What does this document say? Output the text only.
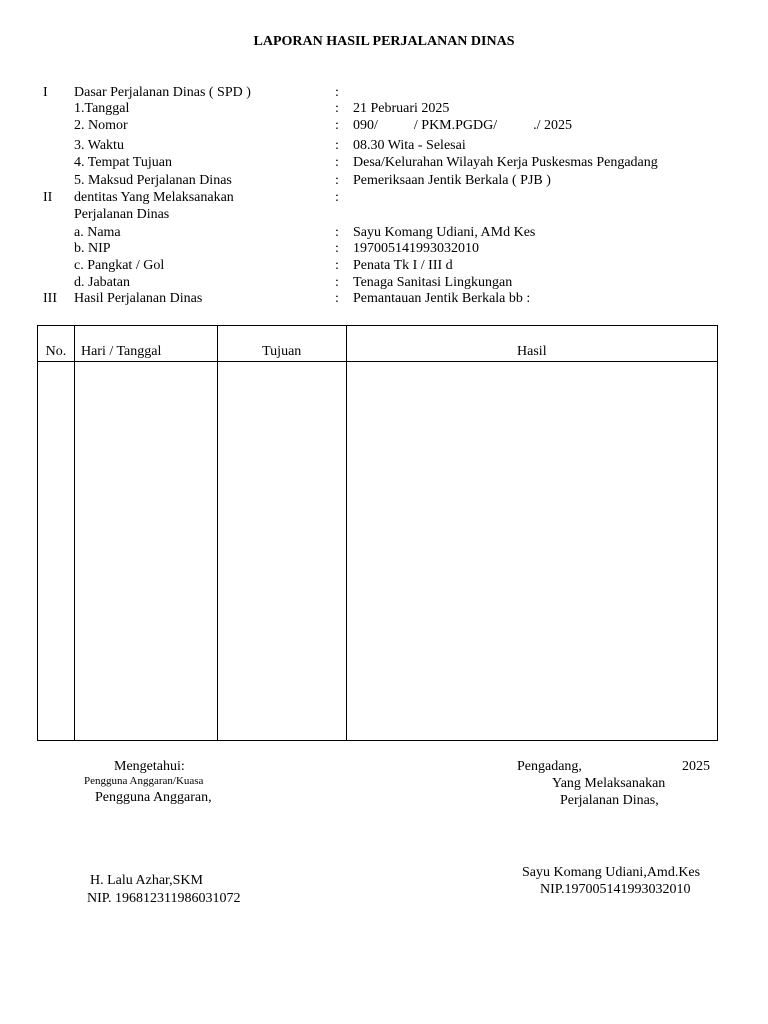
LAPORAN HASIL PERJALANAN DINAS
I Dasar Perjalanan Dinas ( SPD )	:
1.Tanggal	: 21 Pebruari 2025
2. Nomor	: 090/	/ PKM.PGDG/	./ 2025
3. Waktu	: 08.30 Wita - Selesai
4. Tempat Tujuan	: Desa/Kelurahan Wilayah Kerja Puskesmas Pengadang
5. Maksud Perjalanan Dinas	: Pemeriksaan Jentik Berkala ( PJB )
II dentitas Yang Melaksanakan	:
Perjalanan Dinas
a. Nama	: Sayu Komang Udiani, AMd Kes
b. NIP	: 197005141993032010
c. Pangkat / Gol	: Penata Tk I / III d
d. Jabatan	: Tenaga Sanitasi Lingkungan
III Hasil Perjalanan Dinas	: Pemantauan Jentik Berkala bb :
No.	Hari / Tanggal	Tujuan	Hasil

Mengetahui:
Pengguna Anggaran/Kuasa
Pengguna Anggaran,
H. Lalu Azhar,SKM
NIP. 196812311986031072
Pengadang,	2025
Yang Melaksanakan
Perjalanan Dinas,
Sayu Komang Udiani,Amd.Kes
NIP.197005141993032010
